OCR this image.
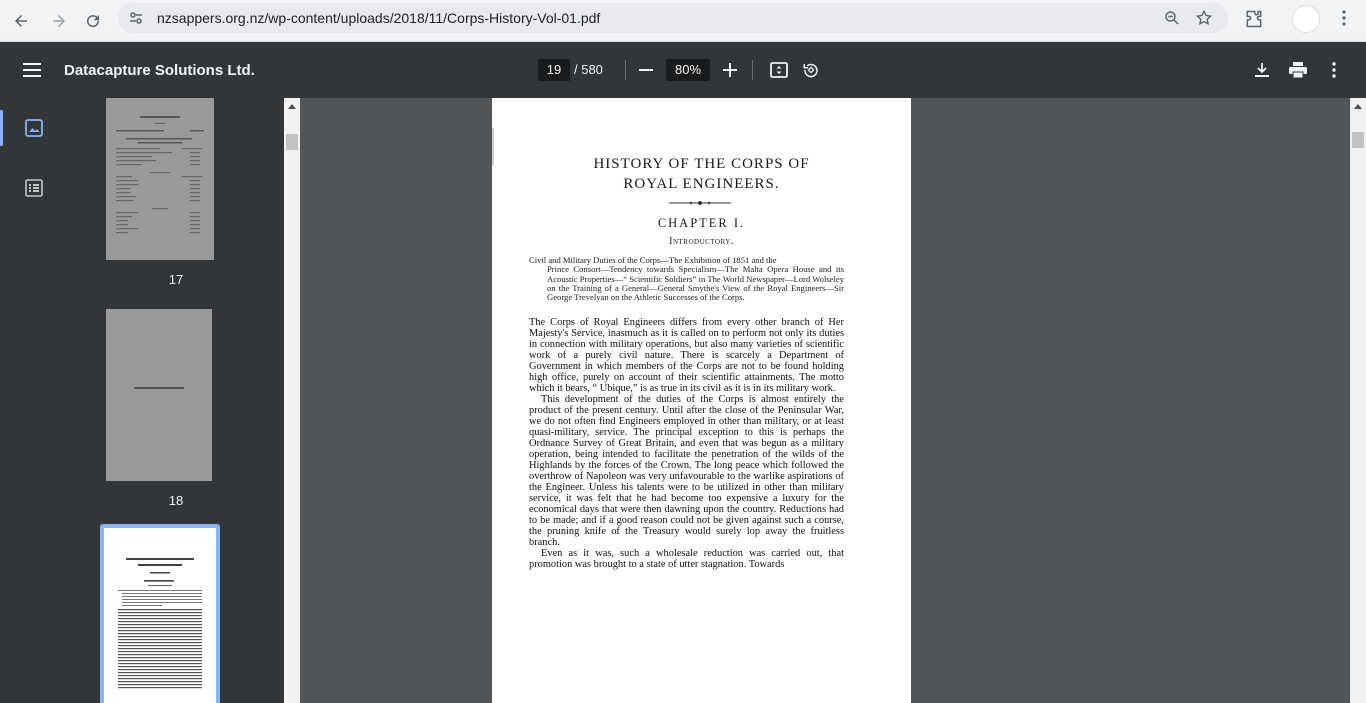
nzsappers.org.nz/wp-content/uploads/2018/11/Corps-History-Vol-01.pdf
Datacapture Solutions Ltd.	19 / 580	80%
17
18
HISTORY OF THE CORPS OF
ROYAL ENGINEERS.
CHAPTER I.
Introductory.
Civil and Military Duties of the Corps—The Exhibition of 1851 and the
Prince Consort—Tendency towards Specialism—The Malta Opera House and its Acoustic Properties—“ Scientific Soldiers” in The World Newspaper—Lord Wolseley on the Training of a General—General Smythe's View of the Royal Engineers—Sir George Trevelyan on the Athletic Successes of the Corps.

The Corps of Royal Engineers differs from every other branch of Her Majesty's Service, inasmuch as it is called on to perform not only its duties in connection with military operations, but also many varieties of scientific work of a purely civil nature. There is scarcely a Department of Government in which members of the Corps are not to be found holding high office, purely on account of their scientific attainments. The motto which it bears, “ Ubique,” is as true in its civil as it is in its military work.

This development of the duties of the Corps is almost entirely the product of the present century. Until after the close of the Peninsular War, we do not often find Engineers employed in other than military, or at least quasi-military, service. The principal exception to this is perhaps the Ordnance Survey of Great Britain, and even that was begun as a military operation, being intended to facilitate the penetration of the wilds of the Highlands by the forces of the Crown. The long peace which followed the overthrow of Napoleon was very unfavourable to the warlike aspirations of the Engineer. Unless his talents were to be utilized in other than military service, it was felt that he had become too expensive a luxury for the economical days that were then dawning upon the country. Reductions had to be made; and if a good reason could not be given against such a course, the pruning knife of the Treasury would surely lop away the fruitless branch.

Even as it was, such a wholesale reduction was carried out, that promotion was brought to a state of utter stagnation. Towards
